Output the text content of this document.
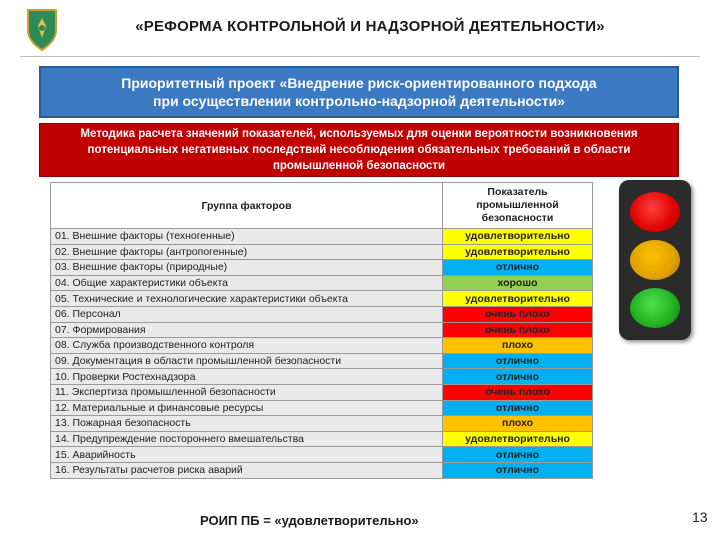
«РЕФОРМА КОНТРОЛЬНОЙ И НАДЗОРНОЙ ДЕЯТЕЛЬНОСТИ»
Приоритетный проект «Внедрение риск-ориентированного подхода
при осуществлении контрольно-надзорной деятельности»
Методика расчета значений показателей, используемых для оценки вероятности возникновения
потенциальных негативных последствий несоблюдения обязательных требований в области
промышленной безопасности
Группа факторов	Показатель
промышленной
безопасности

01. Внешние факторы (техногенные)	удовлетворительно
02. Внешние факторы (антропогенные)	удовлетворительно
03. Внешние факторы (природные)	отлично
04. Общие характеристики объекта	хорошо
05. Технические и технологические характеристики объекта	удовлетворительно
06. Персонал	очень плохо
07. Формирования	очень плохо
08. Служба производственного контроля	плохо
09. Документация в области промышленной безопасности	отлично
10. Проверки Ростехнадзора	отлично
11. Экспертиза промышленной безопасности	очень плохо
12. Материальные и финансовые ресурсы	отлично
13. Пожарная безопасность	плохо
14. Предупреждение постороннего вмешательства	удовлетворительно
15. Аварийность	отлично
16. Результаты расчетов риска аварий	отлично
РОИП ПБ = «удовлетворительно»	13
